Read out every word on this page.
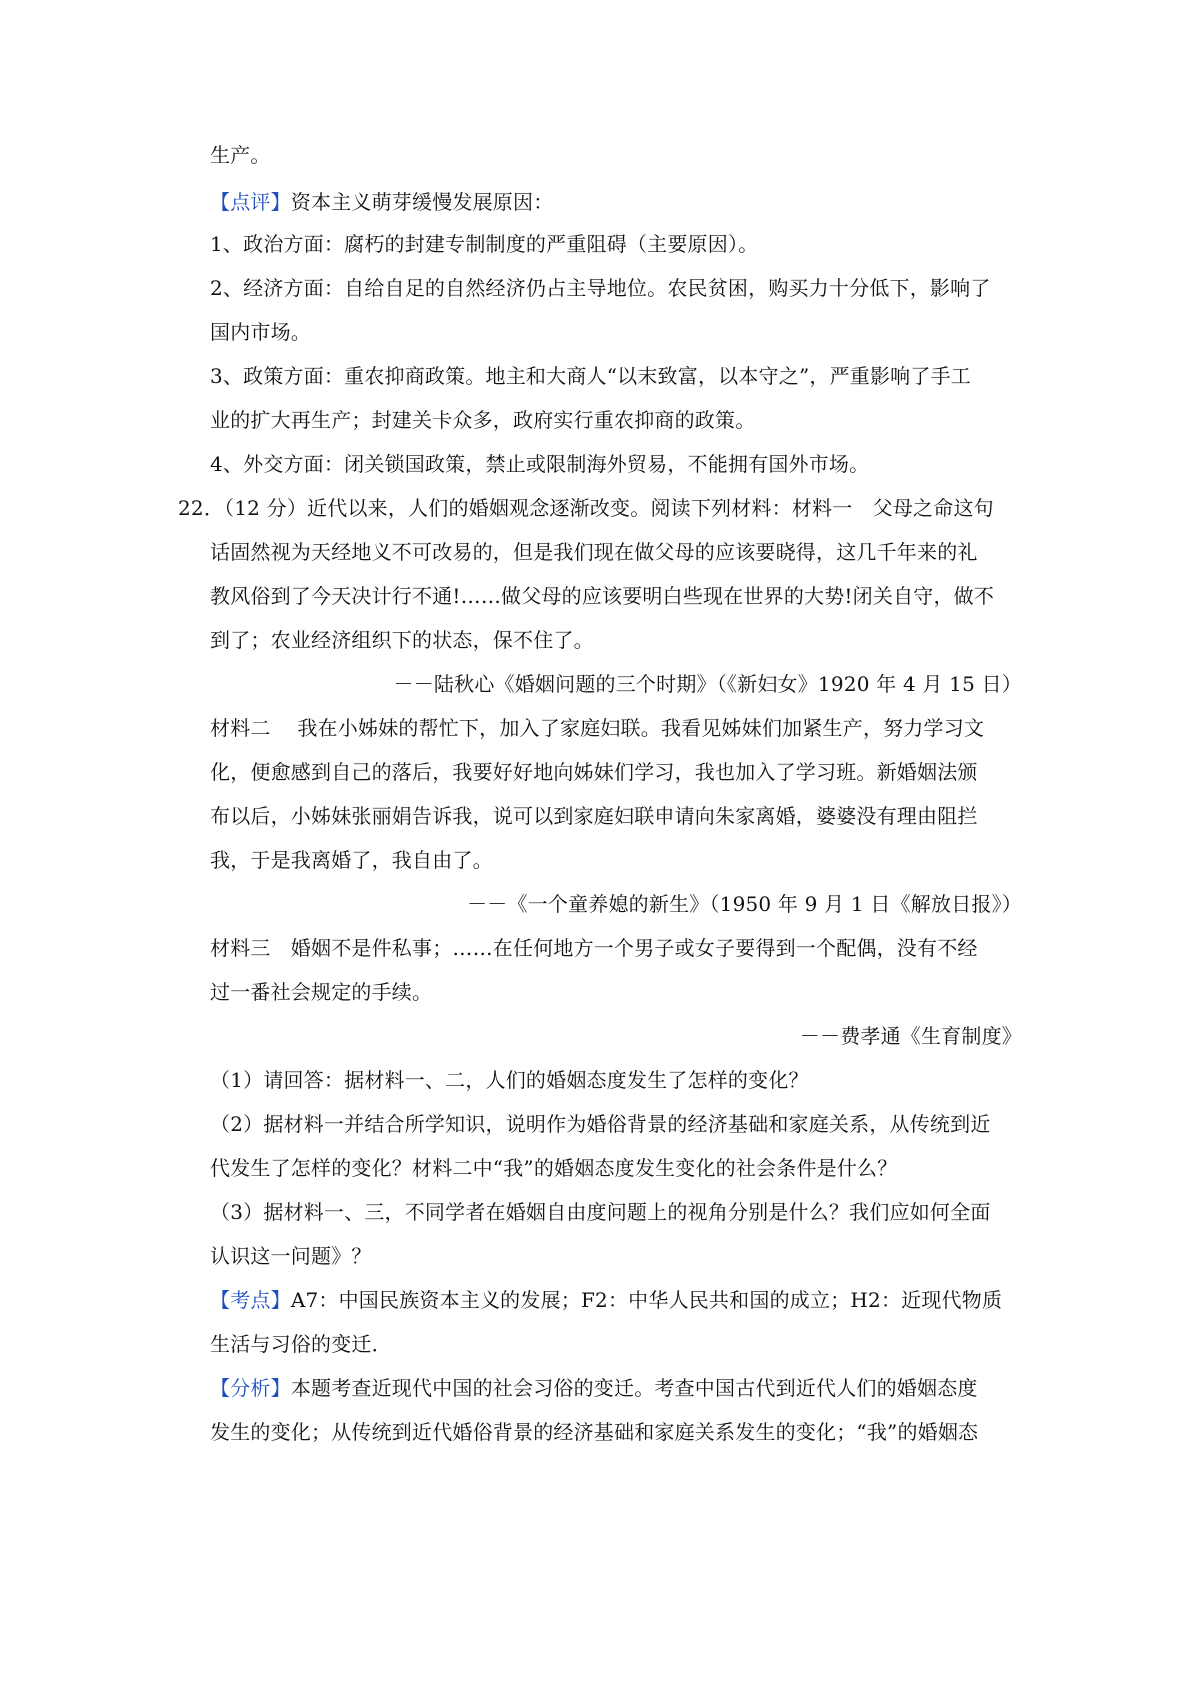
生产。
【点评】资本主义萌芽缓慢发展原因：
1、政治方面：腐朽的封建专制制度的严重阻碍（主要原因）。
2、经济方面：自给自足的自然经济仍占主导地位。农民贫困，购买力十分低下，影响了
国内市场。
3、政策方面：重农抑商政策。地主和大商人“以末致富，以本守之”，严重影响了手工
业的扩大再生产；封建关卡众多，政府实行重农抑商的政策。
4、外交方面：闭关锁国政策，禁止或限制海外贸易，不能拥有国外市场。
22．（12 分）近代以来，人们的婚姻观念逐渐改变。阅读下列材料：材料一　父母之命这句
话固然视为天经地义不可改易的，但是我们现在做父母的应该要晓得，这几千年来的礼
教风俗到了今天决计行不通!……做父母的应该要明白些现在世界的大势!闭关自守，做不
到了；农业经济组织下的状态，保不住了。
－－陆秋心《婚姻问题的三个时期》（《新妇女》1920 年 4 月 15 日）
材料二　 我在小姊妹的帮忙下，加入了家庭妇联。我看见姊妹们加紧生产，努力学习文
化，便愈感到自己的落后，我要好好地向姊妹们学习，我也加入了学习班。新婚姻法颁
布以后，小姊妹张丽娟告诉我，说可以到家庭妇联申请向朱家离婚，婆婆没有理由阻拦
我，于是我离婚了，我自由了。
－－《一个童养媳的新生》（1950 年 9 月 1 日《解放日报》）
材料三　婚姻不是件私事；……在任何地方一个男子或女子要得到一个配偶，没有不经
过一番社会规定的手续。
－－费孝通《生育制度》
（1）请回答：据材料一、二，人们的婚姻态度发生了怎样的变化？
（2）据材料一并结合所学知识，说明作为婚俗背景的经济基础和家庭关系，从传统到近
代发生了怎样的变化？材料二中“我”的婚姻态度发生变化的社会条件是什么？
（3）据材料一、三，不同学者在婚姻自由度问题上的视角分别是什么？我们应如何全面
认识这一问题》？
【考点】A7：中国民族资本主义的发展；F2：中华人民共和国的成立；H2：近现代物质
生活与习俗的变迁．
【分析】本题考查近现代中国的社会习俗的变迁。考查中国古代到近代人们的婚姻态度
发生的变化；从传统到近代婚俗背景的经济基础和家庭关系发生的变化；“我”的婚姻态
